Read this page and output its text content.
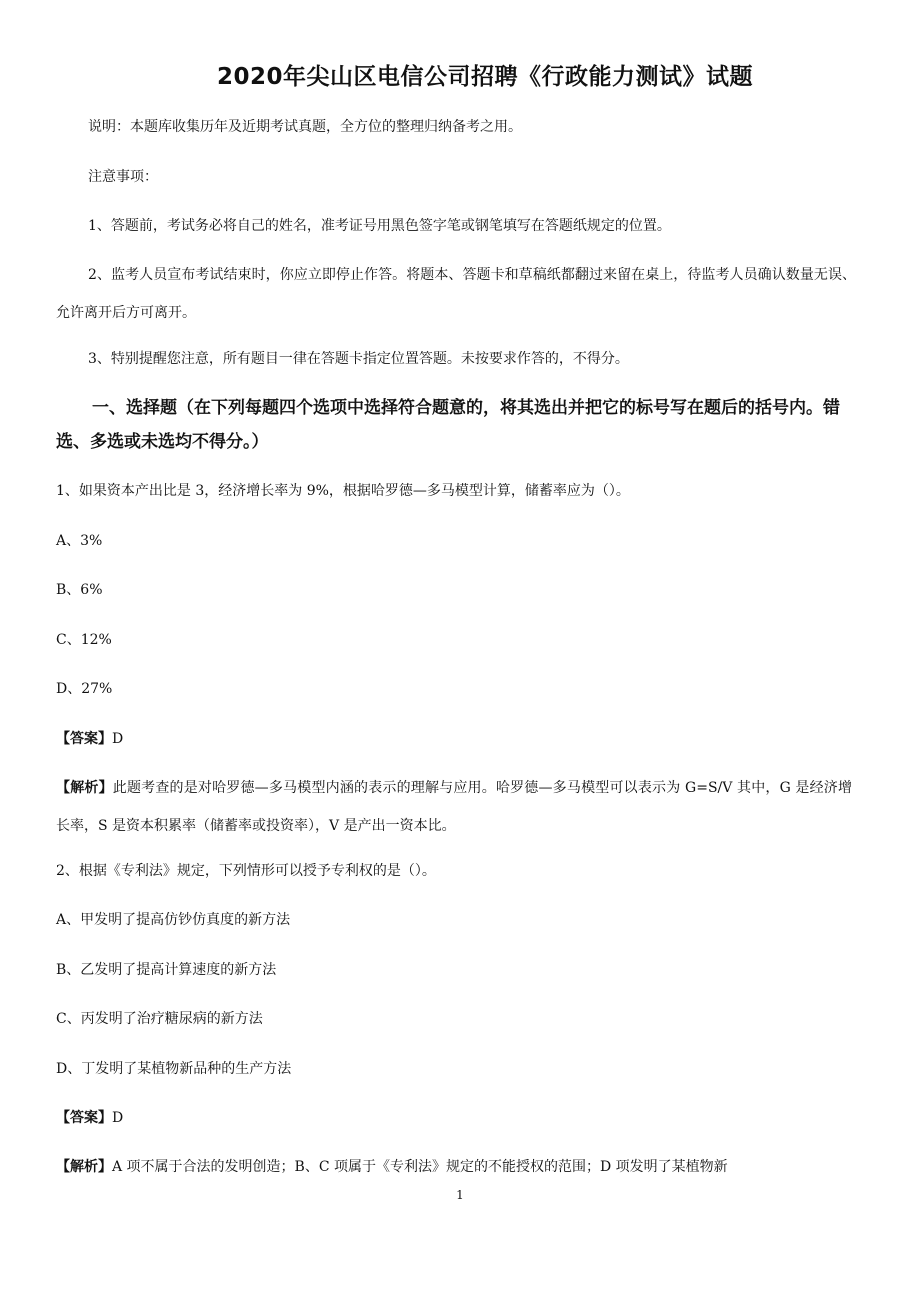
2020年尖山区电信公司招聘《行政能力测试》试题
说明：本题库收集历年及近期考试真题，全方位的整理归纳备考之用。
注意事项：
1、答题前，考试务必将自己的姓名，准考证号用黑色签字笔或钢笔填写在答题纸规定的位置。
2、监考人员宣布考试结束时，你应立即停止作答。将题本、答题卡和草稿纸都翻过来留在桌上，待监考人员确认数量无误、允许离开后方可离开。
3、特别提醒您注意，所有题目一律在答题卡指定位置答题。未按要求作答的，不得分。
一、选择题（在下列每题四个选项中选择符合题意的，将其选出并把它的标号写在题后的括号内。错选、多选或未选均不得分。）
1、如果资本产出比是 3，经济增长率为 9%，根据哈罗德—多马模型计算，储蓄率应为（）。
A、3%
B、6%
C、12%
D、27%
【答案】D
【解析】此题考查的是对哈罗德—多马模型内涵的表示的理解与应用。哈罗德—多马模型可以表示为 G=S/V 其中，G 是经济增长率，S 是资本积累率（储蓄率或投资率），V 是产出一资本比。
2、根据《专利法》规定，下列情形可以授予专利权的是（）。
A、甲发明了提高仿钞仿真度的新方法
B、乙发明了提高计算速度的新方法
C、丙发明了治疗糖尿病的新方法
D、丁发明了某植物新品种的生产方法
【答案】D
【解析】A 项不属于合法的发明创造；B、C 项属于《专利法》规定的不能授权的范围；D 项发明了某植物新
1
